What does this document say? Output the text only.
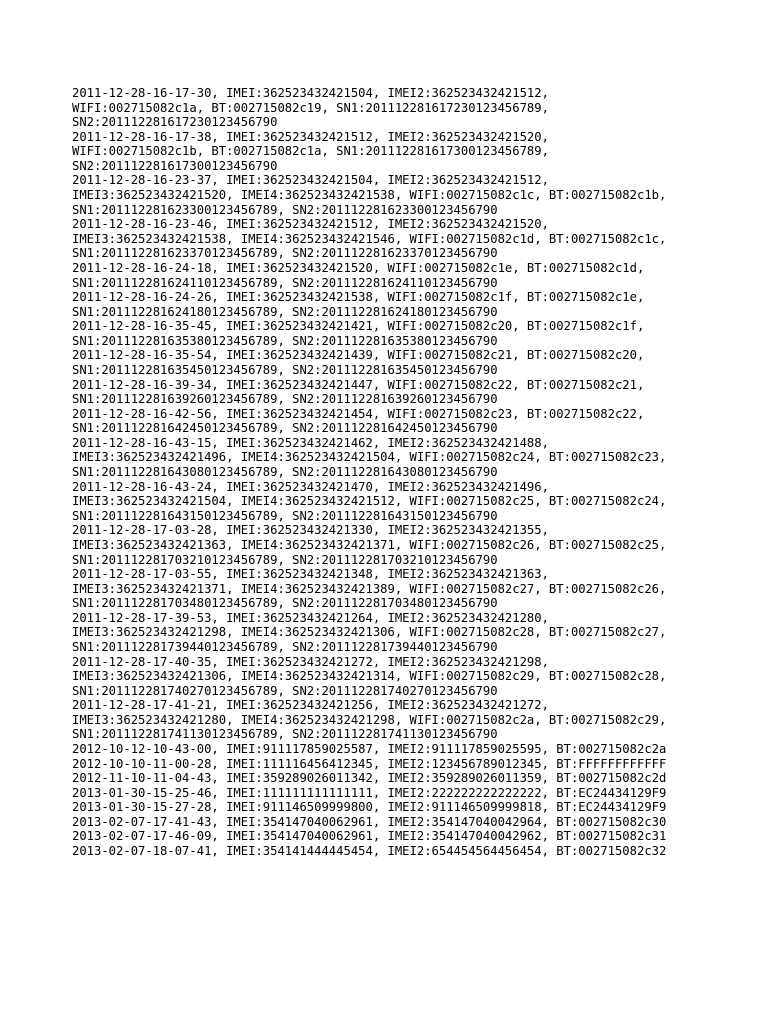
2011-12-28-16-17-30, IMEI:362523432421504, IMEI2:362523432421512,
WIFI:002715082c1a, BT:002715082c19, SN1:201112281617230123456789,
SN2:201112281617230123456790
2011-12-28-16-17-38, IMEI:362523432421512, IMEI2:362523432421520,
WIFI:002715082c1b, BT:002715082c1a, SN1:201112281617300123456789,
SN2:201112281617300123456790
2011-12-28-16-23-37, IMEI:362523432421504, IMEI2:362523432421512,
IMEI3:362523432421520, IMEI4:362523432421538, WIFI:002715082c1c, BT:002715082c1b,
SN1:201112281623300123456789, SN2:201112281623300123456790
2011-12-28-16-23-46, IMEI:362523432421512, IMEI2:362523432421520,
IMEI3:362523432421538, IMEI4:362523432421546, WIFI:002715082c1d, BT:002715082c1c,
SN1:201112281623370123456789, SN2:201112281623370123456790
2011-12-28-16-24-18, IMEI:362523432421520, WIFI:002715082c1e, BT:002715082c1d,
SN1:201112281624110123456789, SN2:201112281624110123456790
2011-12-28-16-24-26, IMEI:362523432421538, WIFI:002715082c1f, BT:002715082c1e,
SN1:201112281624180123456789, SN2:201112281624180123456790
2011-12-28-16-35-45, IMEI:362523432421421, WIFI:002715082c20, BT:002715082c1f,
SN1:201112281635380123456789, SN2:201112281635380123456790
2011-12-28-16-35-54, IMEI:362523432421439, WIFI:002715082c21, BT:002715082c20,
SN1:201112281635450123456789, SN2:201112281635450123456790
2011-12-28-16-39-34, IMEI:362523432421447, WIFI:002715082c22, BT:002715082c21,
SN1:201112281639260123456789, SN2:201112281639260123456790
2011-12-28-16-42-56, IMEI:362523432421454, WIFI:002715082c23, BT:002715082c22,
SN1:201112281642450123456789, SN2:201112281642450123456790
2011-12-28-16-43-15, IMEI:362523432421462, IMEI2:362523432421488,
IMEI3:362523432421496, IMEI4:362523432421504, WIFI:002715082c24, BT:002715082c23,
SN1:201112281643080123456789, SN2:201112281643080123456790
2011-12-28-16-43-24, IMEI:362523432421470, IMEI2:362523432421496,
IMEI3:362523432421504, IMEI4:362523432421512, WIFI:002715082c25, BT:002715082c24,
SN1:201112281643150123456789, SN2:201112281643150123456790
2011-12-28-17-03-28, IMEI:362523432421330, IMEI2:362523432421355,
IMEI3:362523432421363, IMEI4:362523432421371, WIFI:002715082c26, BT:002715082c25,
SN1:201112281703210123456789, SN2:201112281703210123456790
2011-12-28-17-03-55, IMEI:362523432421348, IMEI2:362523432421363,
IMEI3:362523432421371, IMEI4:362523432421389, WIFI:002715082c27, BT:002715082c26,
SN1:201112281703480123456789, SN2:201112281703480123456790
2011-12-28-17-39-53, IMEI:362523432421264, IMEI2:362523432421280,
IMEI3:362523432421298, IMEI4:362523432421306, WIFI:002715082c28, BT:002715082c27,
SN1:201112281739440123456789, SN2:201112281739440123456790
2011-12-28-17-40-35, IMEI:362523432421272, IMEI2:362523432421298,
IMEI3:362523432421306, IMEI4:362523432421314, WIFI:002715082c29, BT:002715082c28,
SN1:201112281740270123456789, SN2:201112281740270123456790
2011-12-28-17-41-21, IMEI:362523432421256, IMEI2:362523432421272,
IMEI3:362523432421280, IMEI4:362523432421298, WIFI:002715082c2a, BT:002715082c29,
SN1:201112281741130123456789, SN2:201112281741130123456790
2012-10-12-10-43-00, IMEI:911117859025587, IMEI2:911117859025595, BT:002715082c2a
2012-10-10-11-00-28, IMEI:111116456412345, IMEI2:123456789012345, BT:FFFFFFFFFFFF
2012-11-10-11-04-43, IMEI:359289026011342, IMEI2:359289026011359, BT:002715082c2d
2013-01-30-15-25-46, IMEI:111111111111111, IMEI2:222222222222222, BT:EC24434129F9
2013-01-30-15-27-28, IMEI:911146509999800, IMEI2:911146509999818, BT:EC24434129F9
2013-02-07-17-41-43, IMEI:354147040062961, IMEI2:354147040042964, BT:002715082c30
2013-02-07-17-46-09, IMEI:354147040062961, IMEI2:354147040042962, BT:002715082c31
2013-02-07-18-07-41, IMEI:354141444445454, IMEI2:654454564456454, BT:002715082c32
